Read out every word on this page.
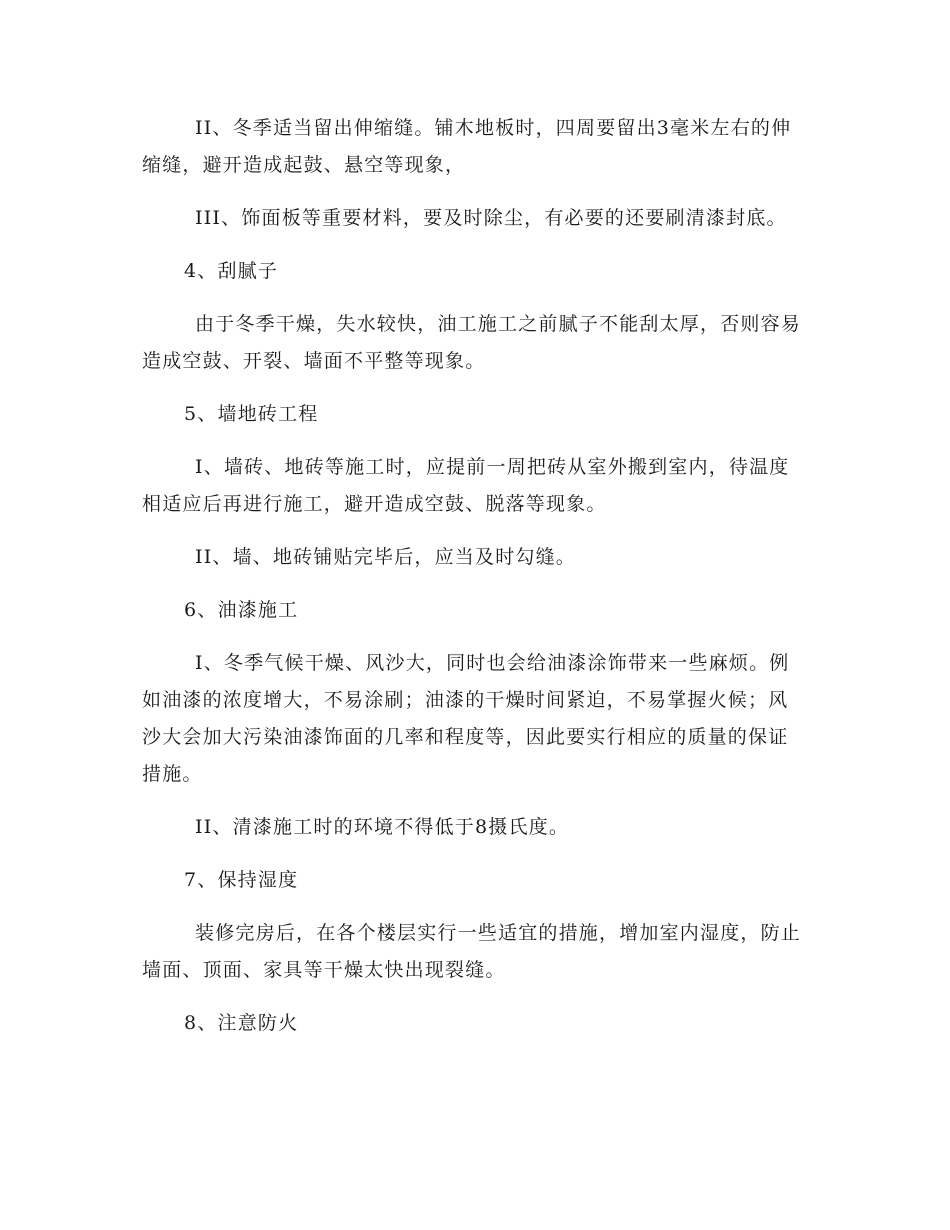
II、冬季适当留出伸缩缝。铺木地板时，四周要留出3毫米左右的伸缩缝，避开造成起鼓、悬空等现象，

III、饰面板等重要材料，要及时除尘，有必要的还要刷清漆封底。

4、刮腻子

由于冬季干燥，失水较快，油工施工之前腻子不能刮太厚，否则容易造成空鼓、开裂、墙面不平整等现象。

5、墙地砖工程

I、墙砖、地砖等施工时，应提前一周把砖从室外搬到室内，待温度相适应后再进行施工，避开造成空鼓、脱落等现象。

II、墙、地砖铺贴完毕后，应当及时勾缝。

6、油漆施工

I、冬季气候干燥、风沙大，同时也会给油漆涂饰带来一些麻烦。例如油漆的浓度增大，不易涂刷；油漆的干燥时间紧迫，不易掌握火候；风沙大会加大污染油漆饰面的几率和程度等，因此要实行相应的质量的保证措施。

II、清漆施工时的环境不得低于8摄氏度。

7、保持湿度

装修完房后，在各个楼层实行一些适宜的措施，增加室内湿度，防止墙面、顶面、家具等干燥太快出现裂缝。

8、注意防火
